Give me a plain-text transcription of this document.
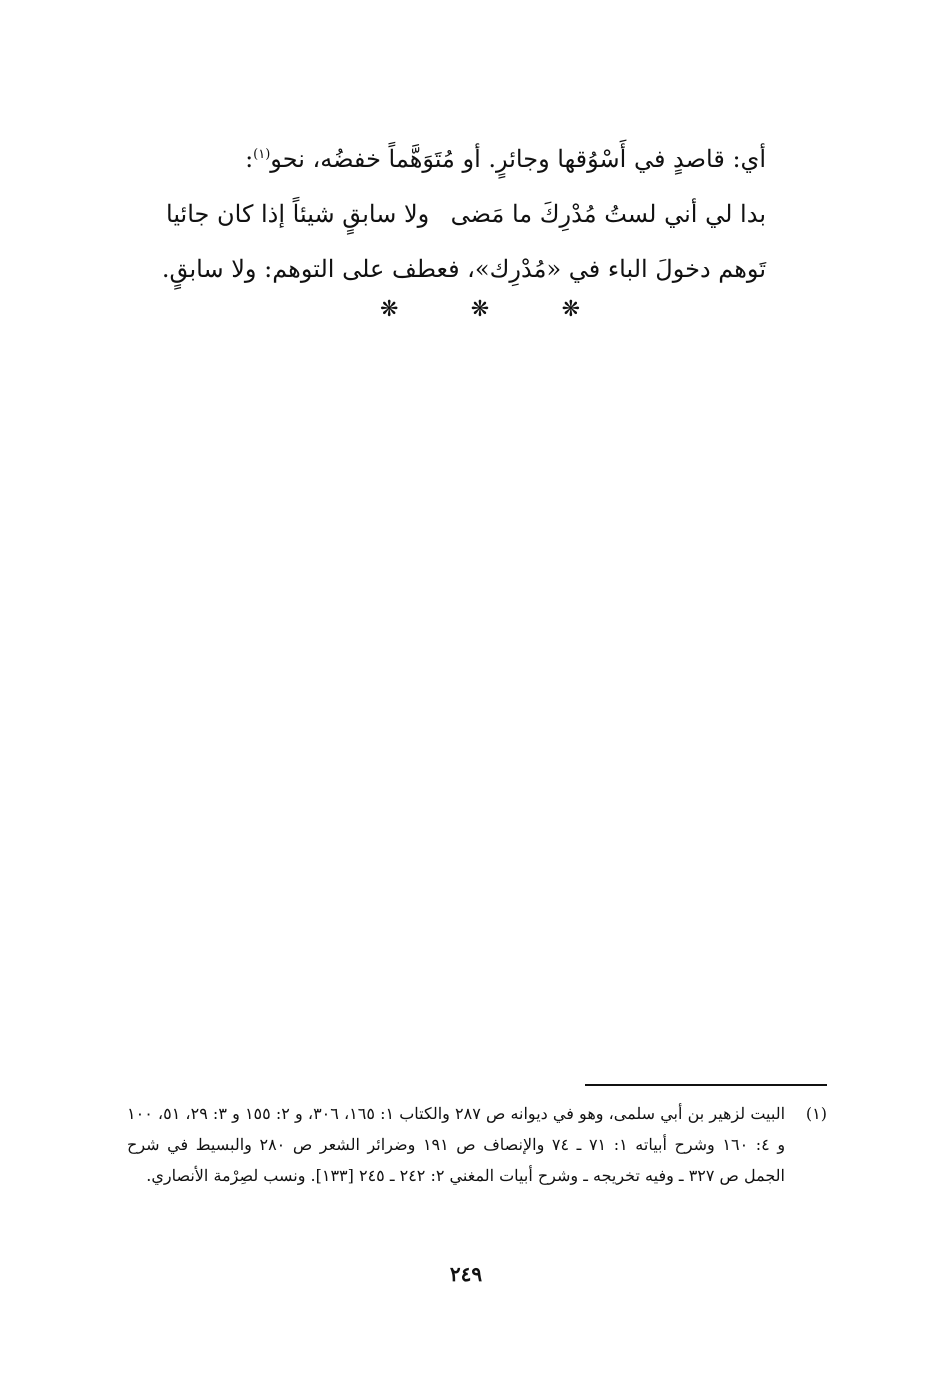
أي: قاصدٍ في أَسْوُقها وجائرٍ. أو مُتَوَهَّماً خفضُه، نحو$^{(١)}$:
بدا لي أني لستُ مُدْرِكَ ما مَضى
ولا سابقٍ شيئاً إذا كان جائيا
تَوهم دخولَ الباء في «مُدْرِك»، فعطف على التوهم: ولا سابقٍ.
❋	❋	❋
(١)
البيت لزهير بن أبي سلمى، وهو في ديوانه ص ٢٨٧ والكتاب ١: ١٦٥، ٣٠٦، و ٢: ١٥٥ و ٣: ٢٩، ٥١، ١٠٠ و ٤: ١٦٠ وشرح أبياته ١: ٧١ ـ ٧٤ والإنصاف ص ١٩١ وضرائر الشعر ص ٢٨٠ والبسيط في شرح الجمل ص ٣٢٧ ـ وفيه تخريجه ـ وشرح أبيات المغني ٢: ٢٤٢ ـ ٢٤٥ [١٣٣]. ونسب لصِرْمة الأنصاري.
٢٤٩
